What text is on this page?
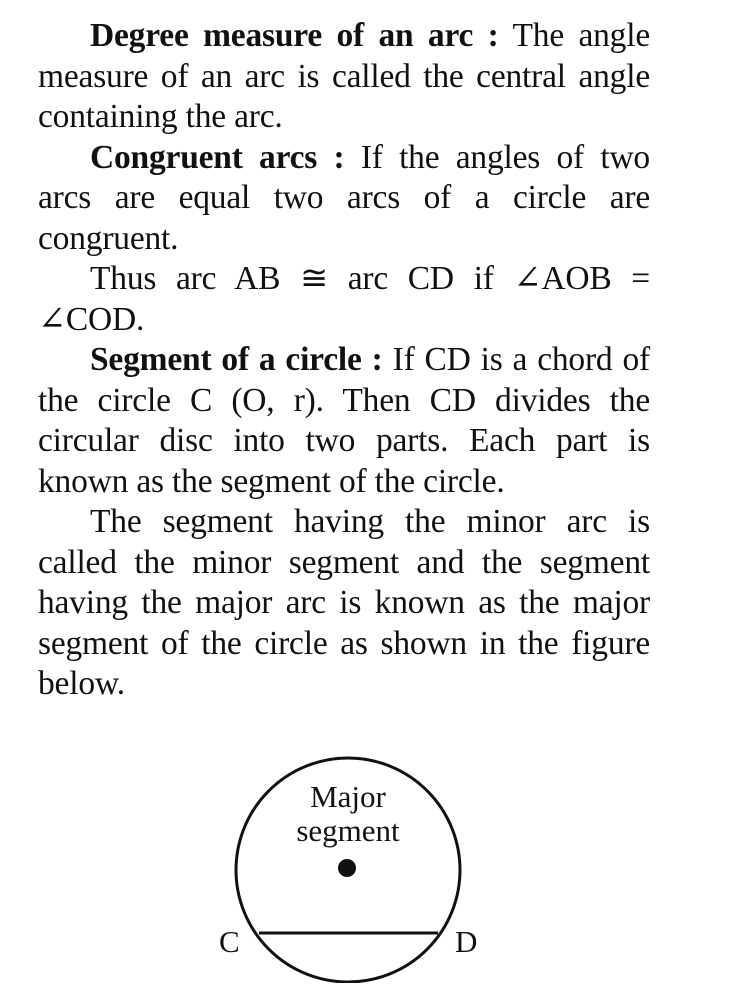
Degree measure of an arc : The angle measure of an arc is called the central angle containing the arc.

Congruent arcs : If the angles of two arcs are equal two arcs of a circle are congruent.

Thus arc AB ≅ arc CD if ∠AOB = ∠COD.

Segment of a circle : If CD is a chord of the circle C (O, r). Then CD divides the circular disc into two parts. Each part is known as the segment of the circle.

The segment having the minor arc is called the minor segment and the segment having the major arc is known as the major segment of the circle as shown in the figure below.

Major
segment
C	D
